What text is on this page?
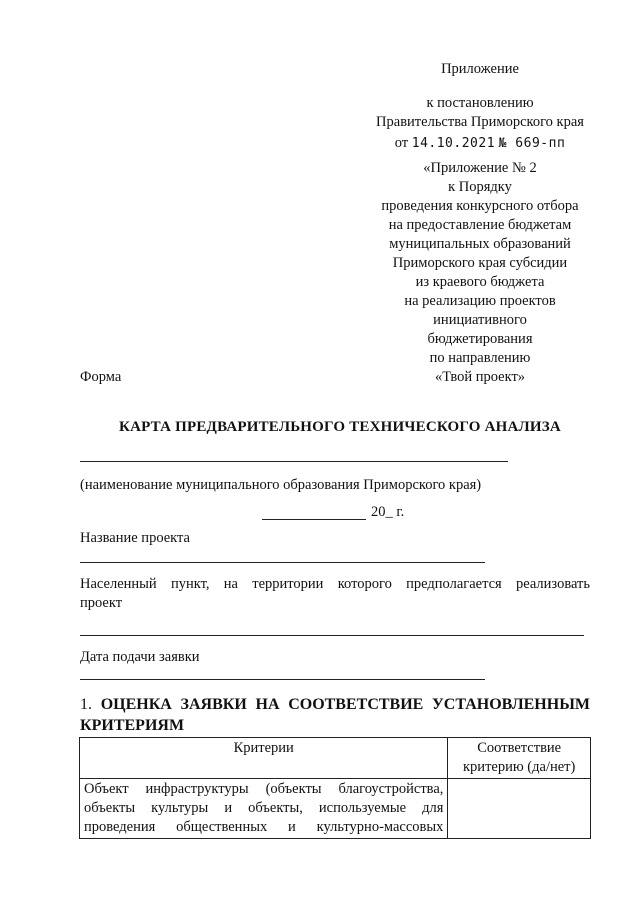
Приложение
к постановлению
Правительства Приморского края
от 14.10.2021 № 669-пп
«Приложение № 2
к Порядку
проведения конкурсного отбора
на предоставление бюджетам
муниципальных образований
Приморского края субсидии
из краевого бюджета
на реализацию проектов
инициативного
бюджетирования
по направлению
«Твой проект»
Форма
КАРТА ПРЕДВАРИТЕЛЬНОГО ТЕХНИЧЕСКОГО АНАЛИЗА
(наименование муниципального образования Приморского края)
20_ г.
Название проекта
Населенный пункт, на территории которого предполагается реализовать
проект
Дата подачи заявки
1. ОЦЕНКА ЗАЯВКИ НА СООТВЕТСТВИЕ УСТАНОВЛЕННЫМ
КРИТЕРИЯМ
Критерии	Соответствие
критерию (да/нет)

Объект инфраструктуры (объекты благоустройства,
объекты культуры и объекты, используемые для
проведения общественных и культурно-массовых	
